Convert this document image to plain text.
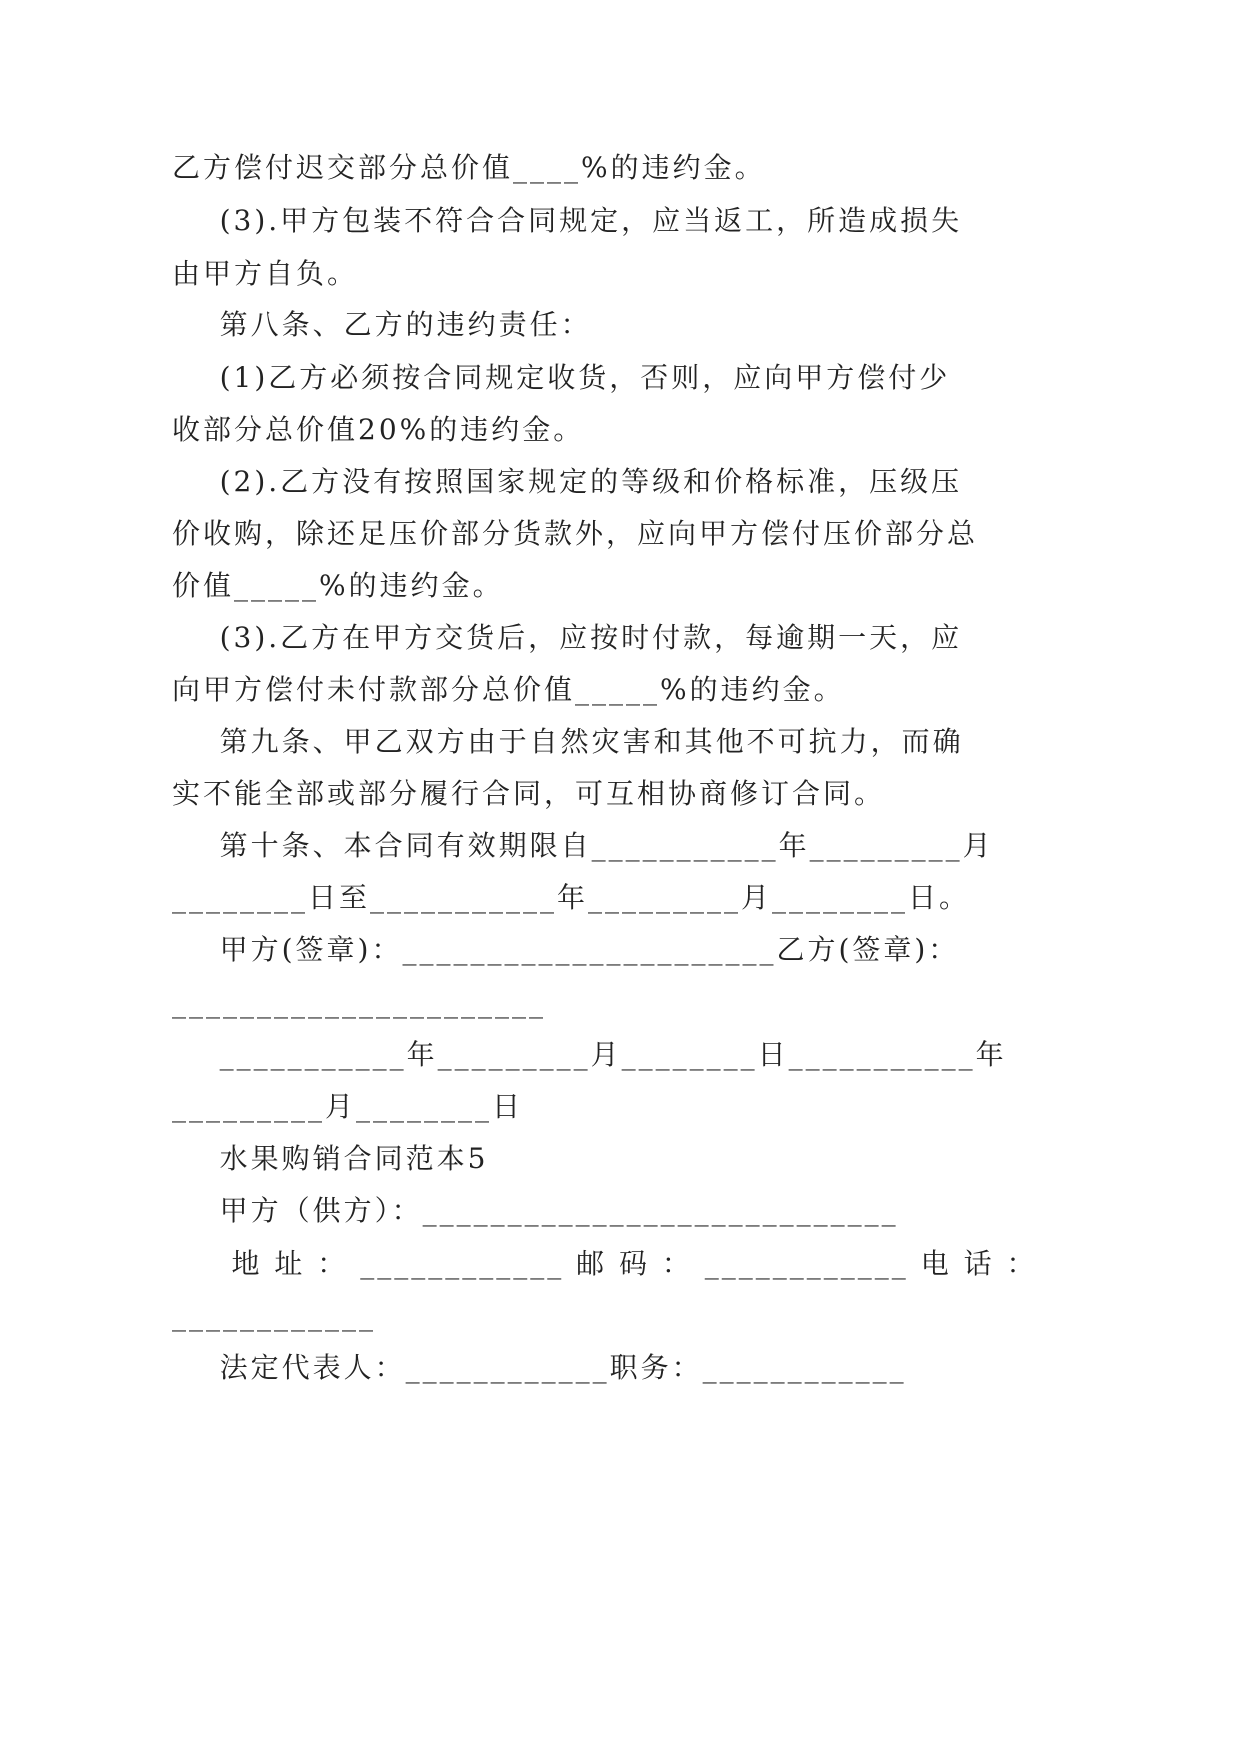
乙方偿付迟交部分总价值____%的违约金。
(3).甲方包装不符合合同规定，应当返工，所造成损失
由甲方自负。
第八条、乙方的违约责任：
(1)乙方必须按合同规定收货，否则，应向甲方偿付少
收部分总价值20%的违约金。
(2).乙方没有按照国家规定的等级和价格标准，压级压
价收购，除还足压价部分货款外，应向甲方偿付压价部分总
价值_____%的违约金。
(3).乙方在甲方交货后，应按时付款，每逾期一天，应
向甲方偿付未付款部分总价值_____%的违约金。
第九条、甲乙双方由于自然灾害和其他不可抗力，而确
实不能全部或部分履行合同，可互相协商修订合同。
第十条、本合同有效期限自___________年_________月
________日至___________年_________月________日。
甲方(签章)：______________________乙方(签章)：
______________________
___________年_________月________日___________年
_________月________日
水果购销合同范本5
甲方（供方）：____________________________
地 址 ： ____________ 邮 码 ： ____________ 电 话 ：
____________
法定代表人：____________职务：____________
